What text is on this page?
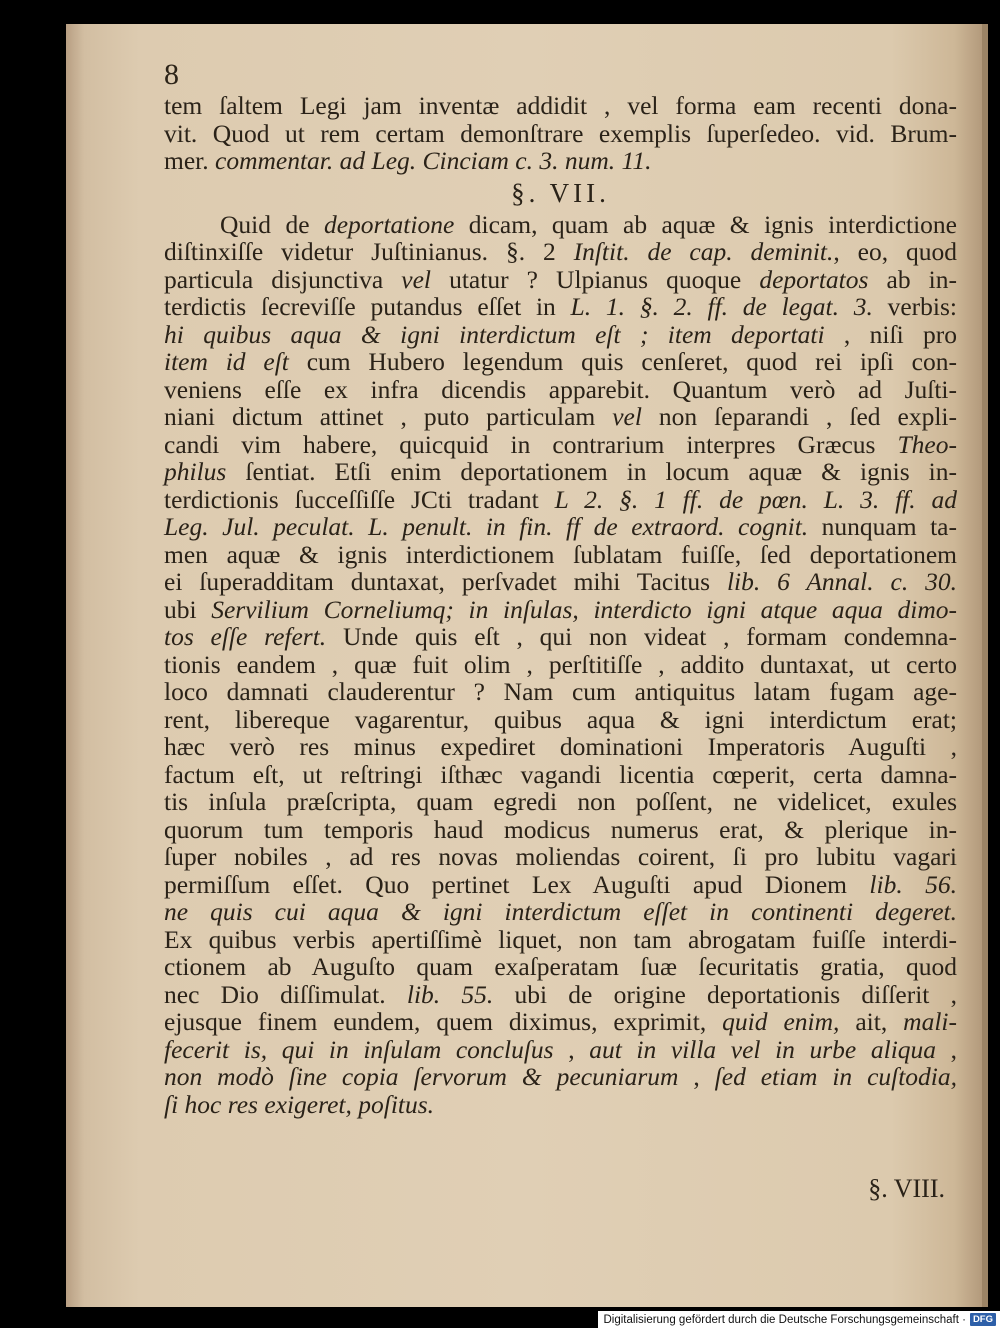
8
tem ſaltem Legi jam inventæ addidit , vel forma eam recenti dona-
vit. Quod ut rem certam demonſtrare exemplis ſuperſedeo. vid. Brum-
mer. commentar. ad Leg. Cinciam c. 3. num. 11.
§. VII.
Quid de deportatione dicam, quam ab aquæ & ignis interdictione
diſtinxiſſe videtur Juſtinianus. §. 2 Inſtit. de cap. deminit., eo, quod
particula disjunctiva vel utatur ? Ulpianus quoque deportatos ab in-
terdictis ſecreviſſe putandus eſſet in L. 1. §. 2. ff. de legat. 3. verbis:
hi quibus aqua & igni interdictum eſt ; item deportati , niſi pro
item id eſt cum Hubero legendum quis cenſeret, quod rei ipſi con-
veniens eſſe ex infra dicendis apparebit. Quantum verò ad Juſti-
niani dictum attinet , puto particulam vel non ſeparandi , ſed expli-
candi vim habere, quicquid in contrarium interpres Græcus Theo-
philus ſentiat. Etſi enim deportationem in locum aquæ & ignis in-
terdictionis ſucceſſiſſe JCti tradant L 2. §. 1 ff. de pœn. L. 3. ff. ad
Leg. Jul. peculat. L. penult. in fin. ff de extraord. cognit. nunquam ta-
men aquæ & ignis interdictionem ſublatam fuiſſe, ſed deportationem
ei ſuperadditam duntaxat, perſvadet mihi Tacitus lib. 6 Annal. c. 30.
ubi Servilium Corneliumq; in inſulas, interdicto igni atque aqua dimo-
tos eſſe refert. Unde quis eſt , qui non videat , formam condemna-
tionis eandem , quæ fuit olim , perſtitiſſe , addito duntaxat, ut certo
loco damnati clauderentur ? Nam cum antiquitus latam fugam age-
rent, libereque vagarentur, quibus aqua & igni interdictum erat;
hæc verò res minus expediret dominationi Imperatoris Auguſti ,
factum eſt, ut reſtringi iſthæc vagandi licentia cœperit, certa damna-
tis inſula præſcripta, quam egredi non poſſent, ne videlicet, exules
quorum tum temporis haud modicus numerus erat, & plerique in-
ſuper nobiles , ad res novas moliendas coirent, ſi pro lubitu vagari
permiſſum eſſet. Quo pertinet Lex Auguſti apud Dionem lib. 56.
ne quis cui aqua & igni interdictum eſſet in continenti degeret.
Ex quibus verbis apertiſſimè liquet, non tam abrogatam fuiſſe interdi-
ctionem ab Auguſto quam exaſperatam ſuæ ſecuritatis gratia, quod
nec Dio diſſimulat. lib. 55. ubi de origine deportationis diſſerit ,
ejusque finem eundem, quem diximus, exprimit, quid enim, ait, mali-
fecerit is, qui in inſulam concluſus , aut in villa vel in urbe aliqua ,
non modò ſine copia ſervorum & pecuniarum , ſed etiam in cuſtodia,
ſi hoc res exigeret, poſitus.
§. VIII.
Digitalisierung gefördert durch die Deutsche Forschungsgemeinschaft · DFG
